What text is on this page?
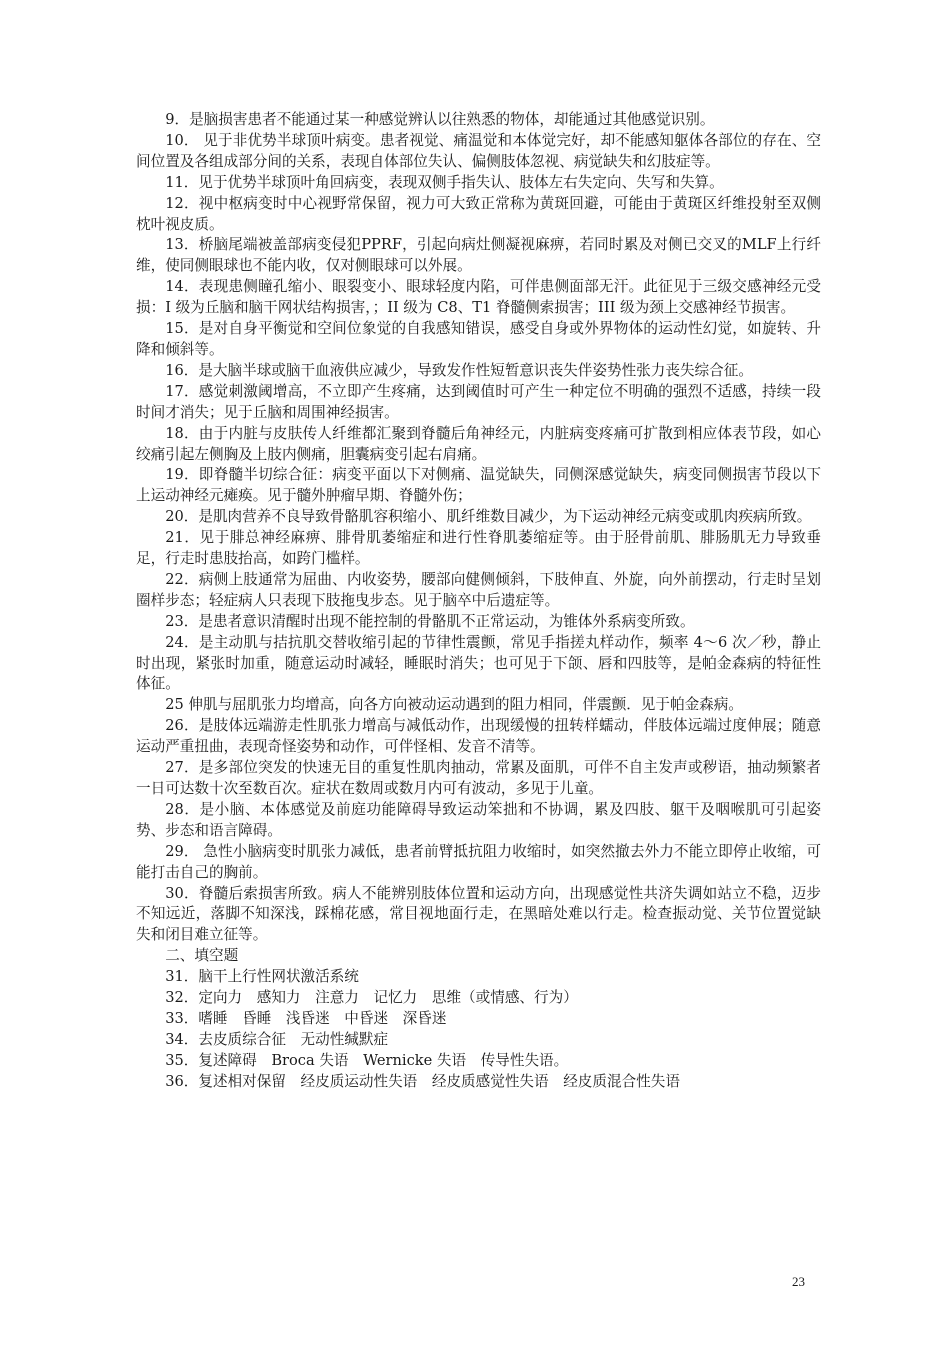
9．是脑损害患者不能通过某一种感觉辨认以往熟悉的物体，却能通过其他感觉识别。

10． 见于非优势半球顶叶病变。患者视觉、痛温觉和本体觉完好，却不能感知躯体各部位的存在、空间位置及各组成部分间的关系，表现自体部位失认、偏侧肢体忽视、病觉缺失和幻肢症等。

11．见于优势半球顶叶角回病变，表现双侧手指失认、肢体左右失定向、失写和失算。

12．视中枢病变时中心视野常保留，视力可大致正常称为黄斑回避，可能由于黄斑区纤维投射至双侧枕叶视皮质。

13．桥脑尾端被盖部病变侵犯PPRF，引起向病灶侧凝视麻痹，若同时累及对侧已交叉的MLF上行纤维，使同侧眼球也不能内收，仅对侧眼球可以外展。

14．表现患侧瞳孔缩小、眼裂变小、眼球轻度内陷，可伴患侧面部无汗。此征见于三级交感神经元受损：I 级为丘脑和脑干网状结构损害，；II 级为 C8、T1 脊髓侧索损害；III 级为颈上交感神经节损害。

15．是对自身平衡觉和空间位象觉的自我感知错误，感受自身或外界物体的运动性幻觉，如旋转、升降和倾斜等。

16．是大脑半球或脑干血液供应减少，导致发作性短暂意识丧失伴姿势性张力丧失综合征。

17．感觉刺激阈增高，不立即产生疼痛，达到阈值时可产生一种定位不明确的强烈不适感，持续一段时间才消失；见于丘脑和周围神经损害。

18．由于内脏与皮肤传人纤维都汇聚到脊髓后角神经元，内脏病变疼痛可扩散到相应体表节段，如心绞痛引起左侧胸及上肢内侧痛，胆囊病变引起右肩痛。

19．即脊髓半切综合征：病变平面以下对侧痛、温觉缺失，同侧深感觉缺失，病变同侧损害节段以下上运动神经元瘫痪。见于髓外肿瘤早期、脊髓外伤；

20．是肌肉营养不良导致骨骼肌容积缩小、肌纤维数目减少，为下运动神经元病变或肌肉疾病所致。

21．见于腓总神经麻痹、腓骨肌萎缩症和进行性脊肌萎缩症等。由于胫骨前肌、腓肠肌无力导致垂足，行走时患肢抬高，如跨门槛样。

22．病侧上肢通常为屈曲、内收姿势，腰部向健侧倾斜，下肢伸直、外旋，向外前摆动，行走时呈划圈样步态；轻症病人只表现下肢拖曳步态。见于脑卒中后遗症等。

23．是患者意识清醒时出现不能控制的骨骼肌不正常运动，为锥体外系病变所致。

24．是主动肌与拮抗肌交替收缩引起的节律性震颤，常见手指搓丸样动作，频率 4～6 次／秒，静止时出现，紧张时加重，随意运动时减轻，睡眠时消失；也可见于下颌、唇和四肢等，是帕金森病的特征性体征。

25 伸肌与屈肌张力均增高，向各方向被动运动遇到的阻力相同，伴震颤．见于帕金森病。

26．是肢体远端游走性肌张力增高与减低动作，出现缓慢的扭转样蠕动，伴肢体远端过度伸展；随意运动严重扭曲，表现奇怪姿势和动作，可伴怪相、发音不清等。

27．是多部位突发的快速无目的重复性肌肉抽动，常累及面肌，可伴不自主发声或秽语，抽动频繁者一日可达数十次至数百次。症状在数周或数月内可有波动，多见于儿童。

28．是小脑、本体感觉及前庭功能障碍导致运动笨拙和不协调，累及四肢、躯干及咽喉肌可引起姿势、步态和语言障碍。

29． 急性小脑病变时肌张力减低，患者前臂抵抗阻力收缩时，如突然撤去外力不能立即停止收缩，可能打击自己的胸前。

30．脊髓后索损害所致。病人不能辨别肢体位置和运动方向，出现感觉性共济失调如站立不稳，迈步不知远近，落脚不知深浅，踩棉花感，常目视地面行走，在黑暗处难以行走。检查振动觉、关节位置觉缺失和闭目难立征等。

二、填空题

31．脑干上行性网状激活系统

32．定向力　感知力　注意力　记忆力　思维（或情感、行为）

33．嗜睡　昏睡　浅昏迷　中昏迷　深昏迷

34．去皮质综合征　无动性缄默症

35．复述障碍　Broca 失语　Wernicke 失语　传导性失语。

36．复述相对保留　经皮质运动性失语　经皮质感觉性失语　经皮质混合性失语

23
